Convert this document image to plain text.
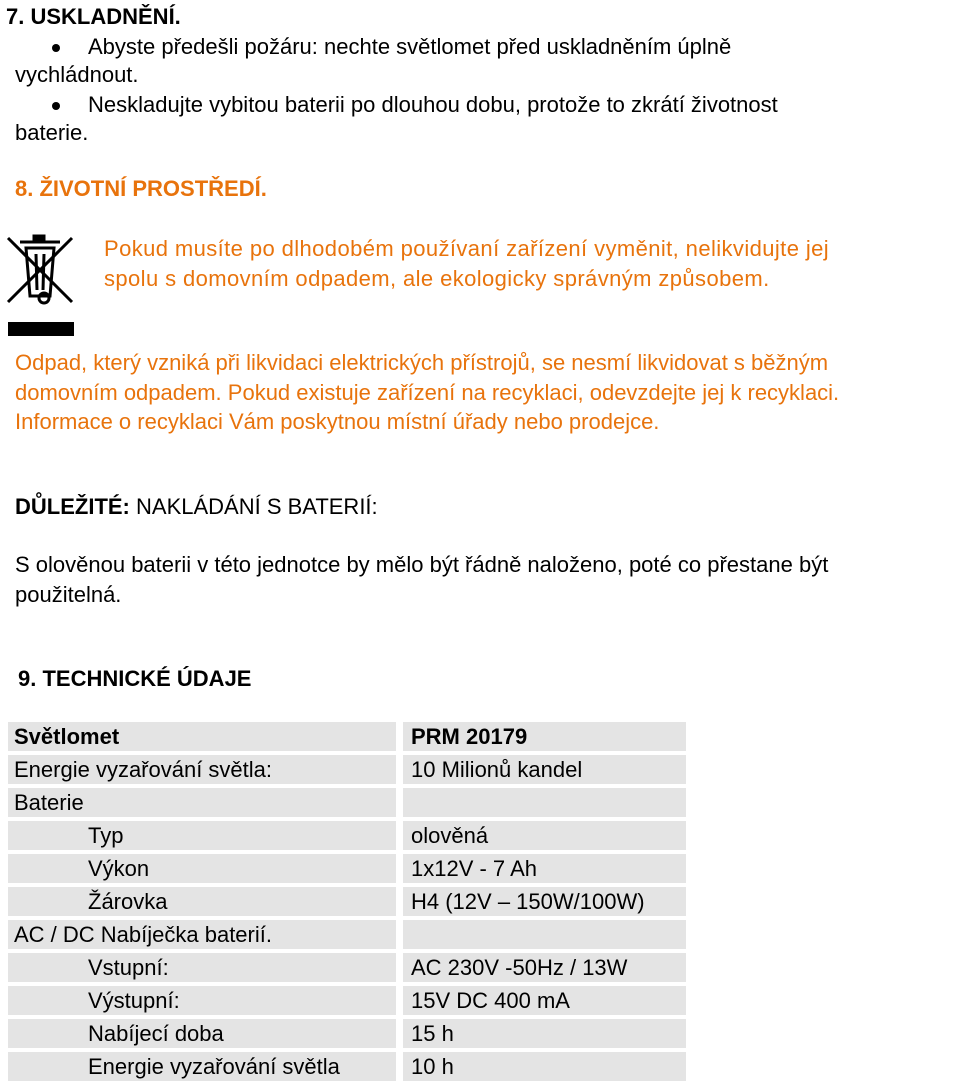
7. USKLADNĚNÍ.
Abyste předešli požáru: nechte světlomet před uskladněním úplně
vychládnout.
Neskladujte vybitou baterii po dlouhou dobu, protože to zkrátí životnost
baterie.
8. ŽIVOTNÍ PROSTŘEDÍ.
Pokud musíte po dlhodobém používaní zařízení vyměnit, nelikvidujte jej
spolu s domovním odpadem, ale ekologicky správným způsobem.
Odpad, který vzniká při likvidaci elektrických přístrojů, se nesmí likvidovat s běžným
domovním odpadem. Pokud existuje zařízení na recyklaci, odevzdejte jej k recyklaci.
Informace o recyklaci Vám poskytnou místní úřady nebo prodejce.
DŮLEŽITÉ: NAKLÁDÁNÍ S BATERIÍ:
S olověnou baterii v této jednotce by mělo být řádně naloženo, poté co přestane být
použitelná.
9. TECHNICKÉ ÚDAJE
Světlomet	PRM 20179
Energie vyzařování světla:	10 Milionů kandel
Baterie
Typ	olověná
Výkon	1x12V - 7 Ah
Žárovka	H4 (12V – 150W/100W)
AC / DC Nabíječka baterií.
Vstupní:	AC 230V -50Hz / 13W
Výstupní:	15V DC 400 mA
Nabíjecí doba	15 h
Energie vyzařování světla	10 h
